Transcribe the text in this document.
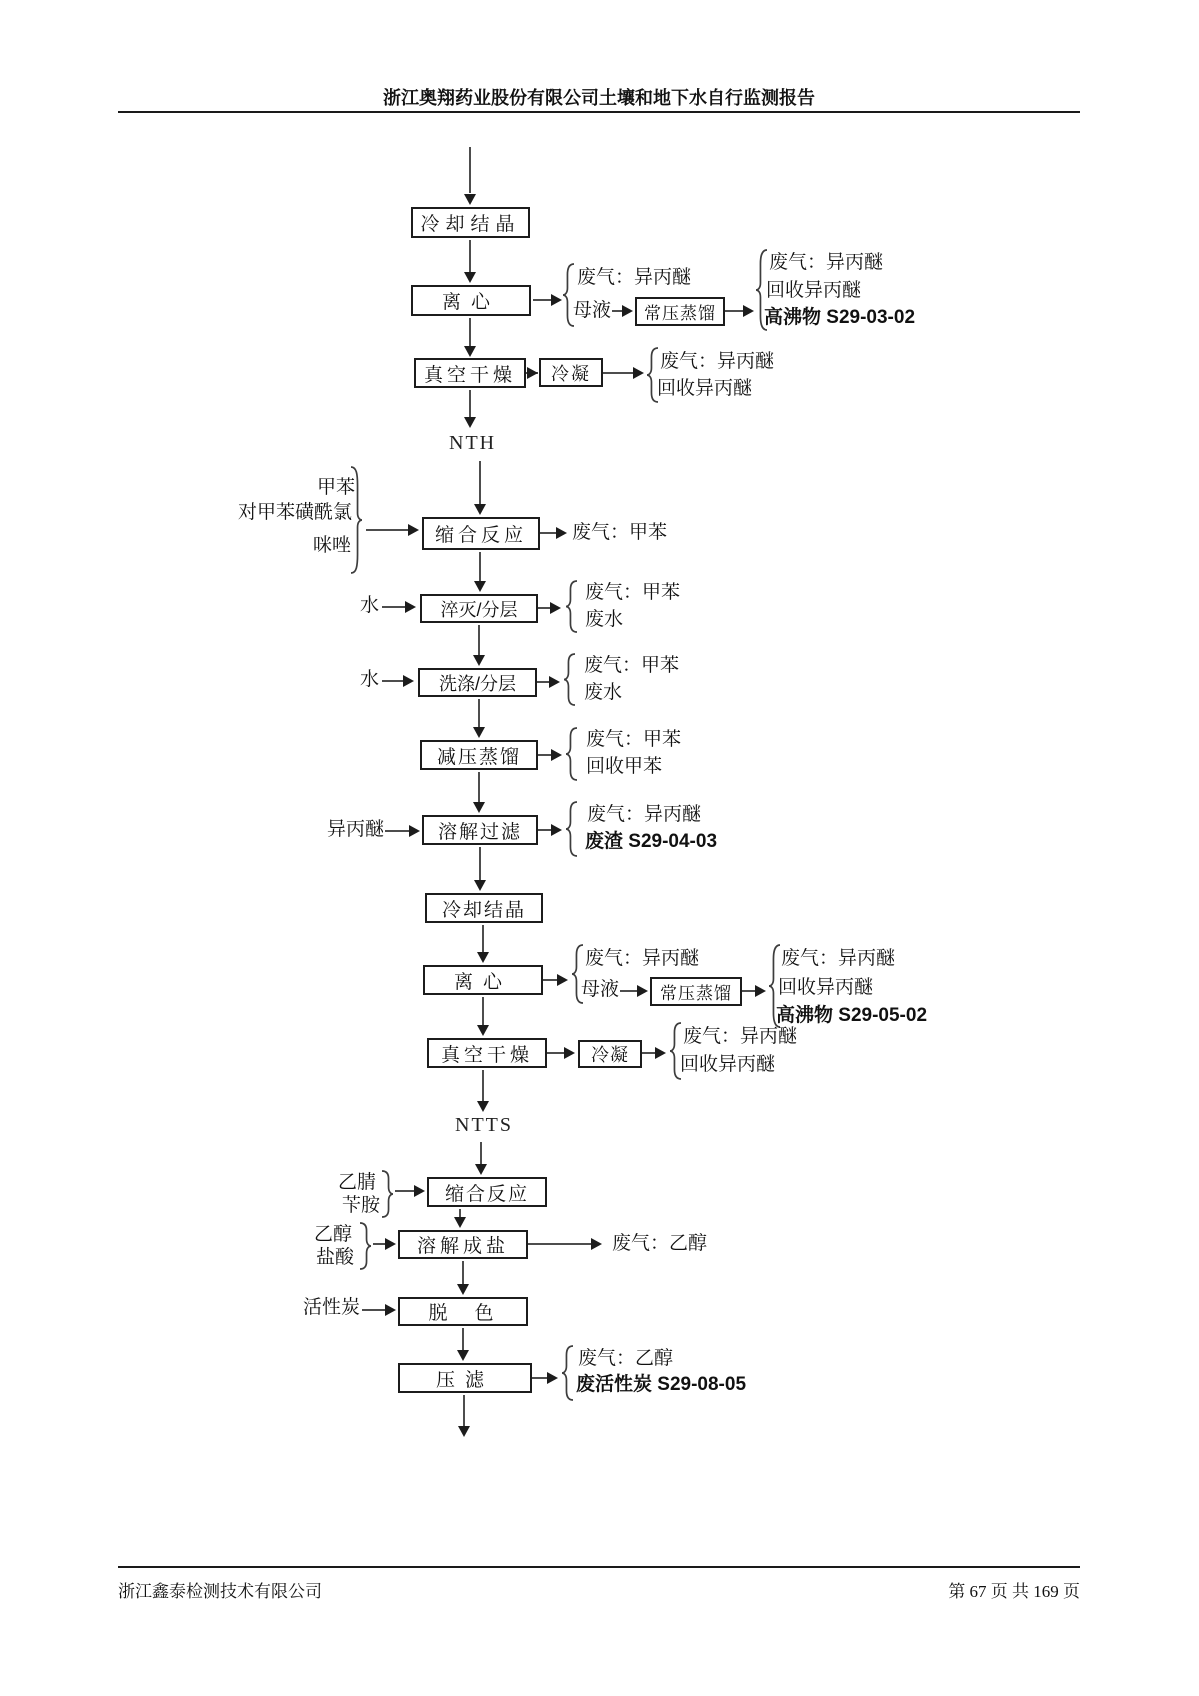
浙江奥翔药业股份有限公司土壤和地下水自行监测报告
冷却结晶
离心
废气：异丙醚
母液	常压蒸馏
废气：异丙醚
回收异丙醚
高沸物 S29-03-02
真空干燥	冷凝
废气：异丙醚
回收异丙醚
NTH
甲苯
对甲苯磺酰氯
咪唑	缩合反应	废气：甲苯
水	淬灭/分层
废气：甲苯
废水
水	洗涤/分层
废气：甲苯
废水
减压蒸馏
废气：甲苯
回收甲苯
异丙醚	溶解过滤
废气：异丙醚
废渣 S29-04-03
冷却结晶
离心
废气：异丙醚
母液	常压蒸馏
废气：异丙醚
回收异丙醚
高沸物 S29-05-02
真空干燥	冷凝
废气：异丙醚
回收异丙醚
NTTS
乙腈
苄胺
缩合反应
乙醇
盐酸
溶解成盐	废气：乙醇
活性炭	脱　色
压滤
废气：乙醇
废活性炭 S29-08-05
浙江鑫泰检测技术有限公司	第 67 页 共 169 页
